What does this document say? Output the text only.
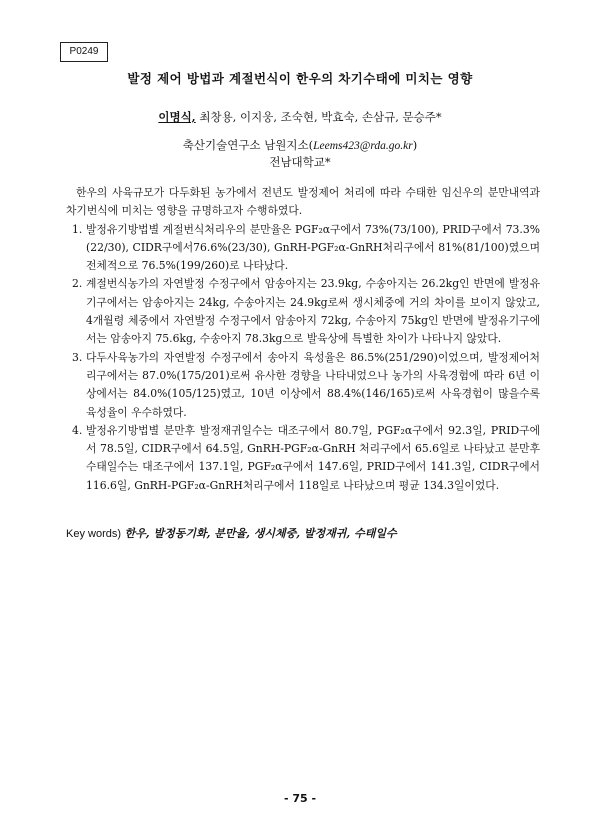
P0249
발정 제어 방법과 계절번식이 한우의 차기수태에 미치는 영향
이명식, 최창용, 이지웅, 조숙현, 박효숙, 손삼규, 문승주*
축산기술연구소 남원지소(Leems423@rda.go.kr)
전남대학교*

한우의 사육규모가 다두화된 농가에서 전년도 발정제어 처리에 따라 수태한 임신우의 분만내역과 차기번식에 미치는 영향을 규명하고자 수행하였다.

1. 발정유기방법별 계절번식처리우의 분만율은 PGF₂α구에서 73%(73/100), PRID구에서 73.3%(22/30), CIDR구에서76.6%(23/30), GnRH-PGF₂α-GnRH처리구에서 81%(81/100)였으며 전체적으로 76.5%(199/260)로 나타났다.
2. 계절번식농가의 자연발정 수정구에서 암송아지는 23.9kg, 수송아지는 26.2kg인 반면에 발정유기구에서는 암송아지는 24kg, 수송아지는 24.9kg로써 생시체중에 거의 차이를 보이지 않았고, 4개월령 체중에서 자연발정 수정구에서 암송아지 72kg, 수송아지 75kg인 반면에 발정유기구에서는 암송아지 75.6kg, 수송아지 78.3kg으로 발육상에 특별한 차이가 나타나지 않았다.
3. 다두사육농가의 자연발정 수정구에서 송아지 육성율은 86.5%(251/290)이었으며, 발정제어처리구에서는 87.0%(175/201)로써 유사한 경향을 나타내었으나 농가의 사육경험에 따라 6년 이상에서는 84.0%(105/125)였고, 10년 이상에서 88.4%(146/165)로써 사육경험이 많을수록 육성율이 우수하였다.
4. 발정유기방법별 분만후 발정재귀일수는 대조구에서 80.7일, PGF₂α구에서 92.3일, PRID구에서 78.5일, CIDR구에서 64.5일, GnRH-PGF₂α-GnRH 처리구에서 65.6일로 나타났고 분만후 수태일수는 대조구에서 137.1일, PGF₂α구에서 147.6일, PRID구에서 141.3일, CIDR구에서 116.6일, GnRH-PGF₂α-GnRH처리구에서 118일로 나타났으며 평균 134.3일이었다.
Key words) 한우, 발정동기화, 분만율, 생시체중, 발정재귀, 수태일수
- 75 -
